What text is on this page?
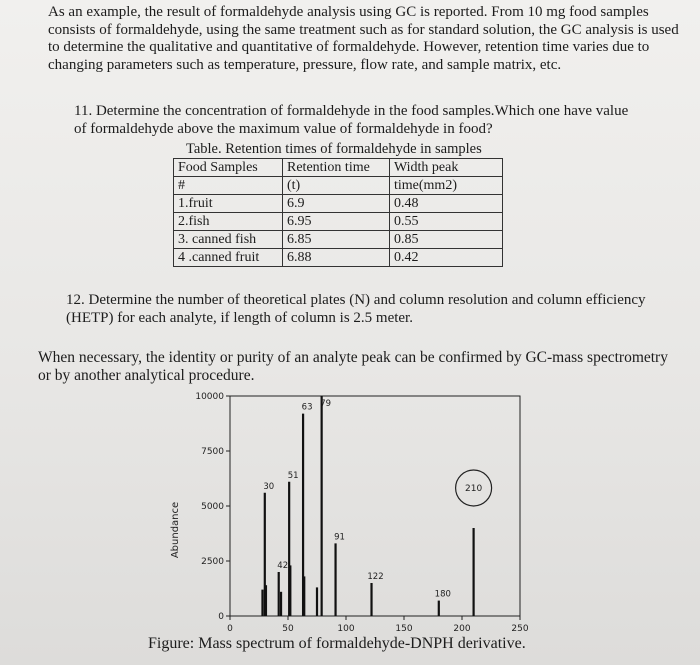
As an example, the result of formaldehyde analysis using GC is reported. From 10 mg food samples consists of formaldehyde, using the same treatment such as for standard solution, the GC analysis is used to determine the qualitative and quantitative of formaldehyde. However, retention time varies due to changing parameters such as temperature, pressure, flow rate, and sample matrix, etc.
11. Determine the concentration of formaldehyde in the food samples.Which one have value of formaldehyde above the maximum value of formaldehyde in food?
Table. Retention times of formaldehyde in samples
Food Samples	Retention time	Width peak
#	(t)	time(mm2)
1.fruit	6.9	0.48
2.fish	6.95	0.55
3. canned fish	6.85	0.85
4 .canned fruit	6.88	0.42
12. Determine the number of theoretical plates (N) and column resolution and column efficiency (HETP) for each analyte, if length of column is 2.5 meter.
When necessary, the identity or purity of an analyte peak can be confirmed by GC-mass spectrometry or by another analytical procedure.
0
2500
5000
7500
10000
0	50	100	150	200	250
30
42
51
63 79
91
122
180
210
Abundance
Figure: Mass spectrum of formaldehyde-DNPH derivative.
